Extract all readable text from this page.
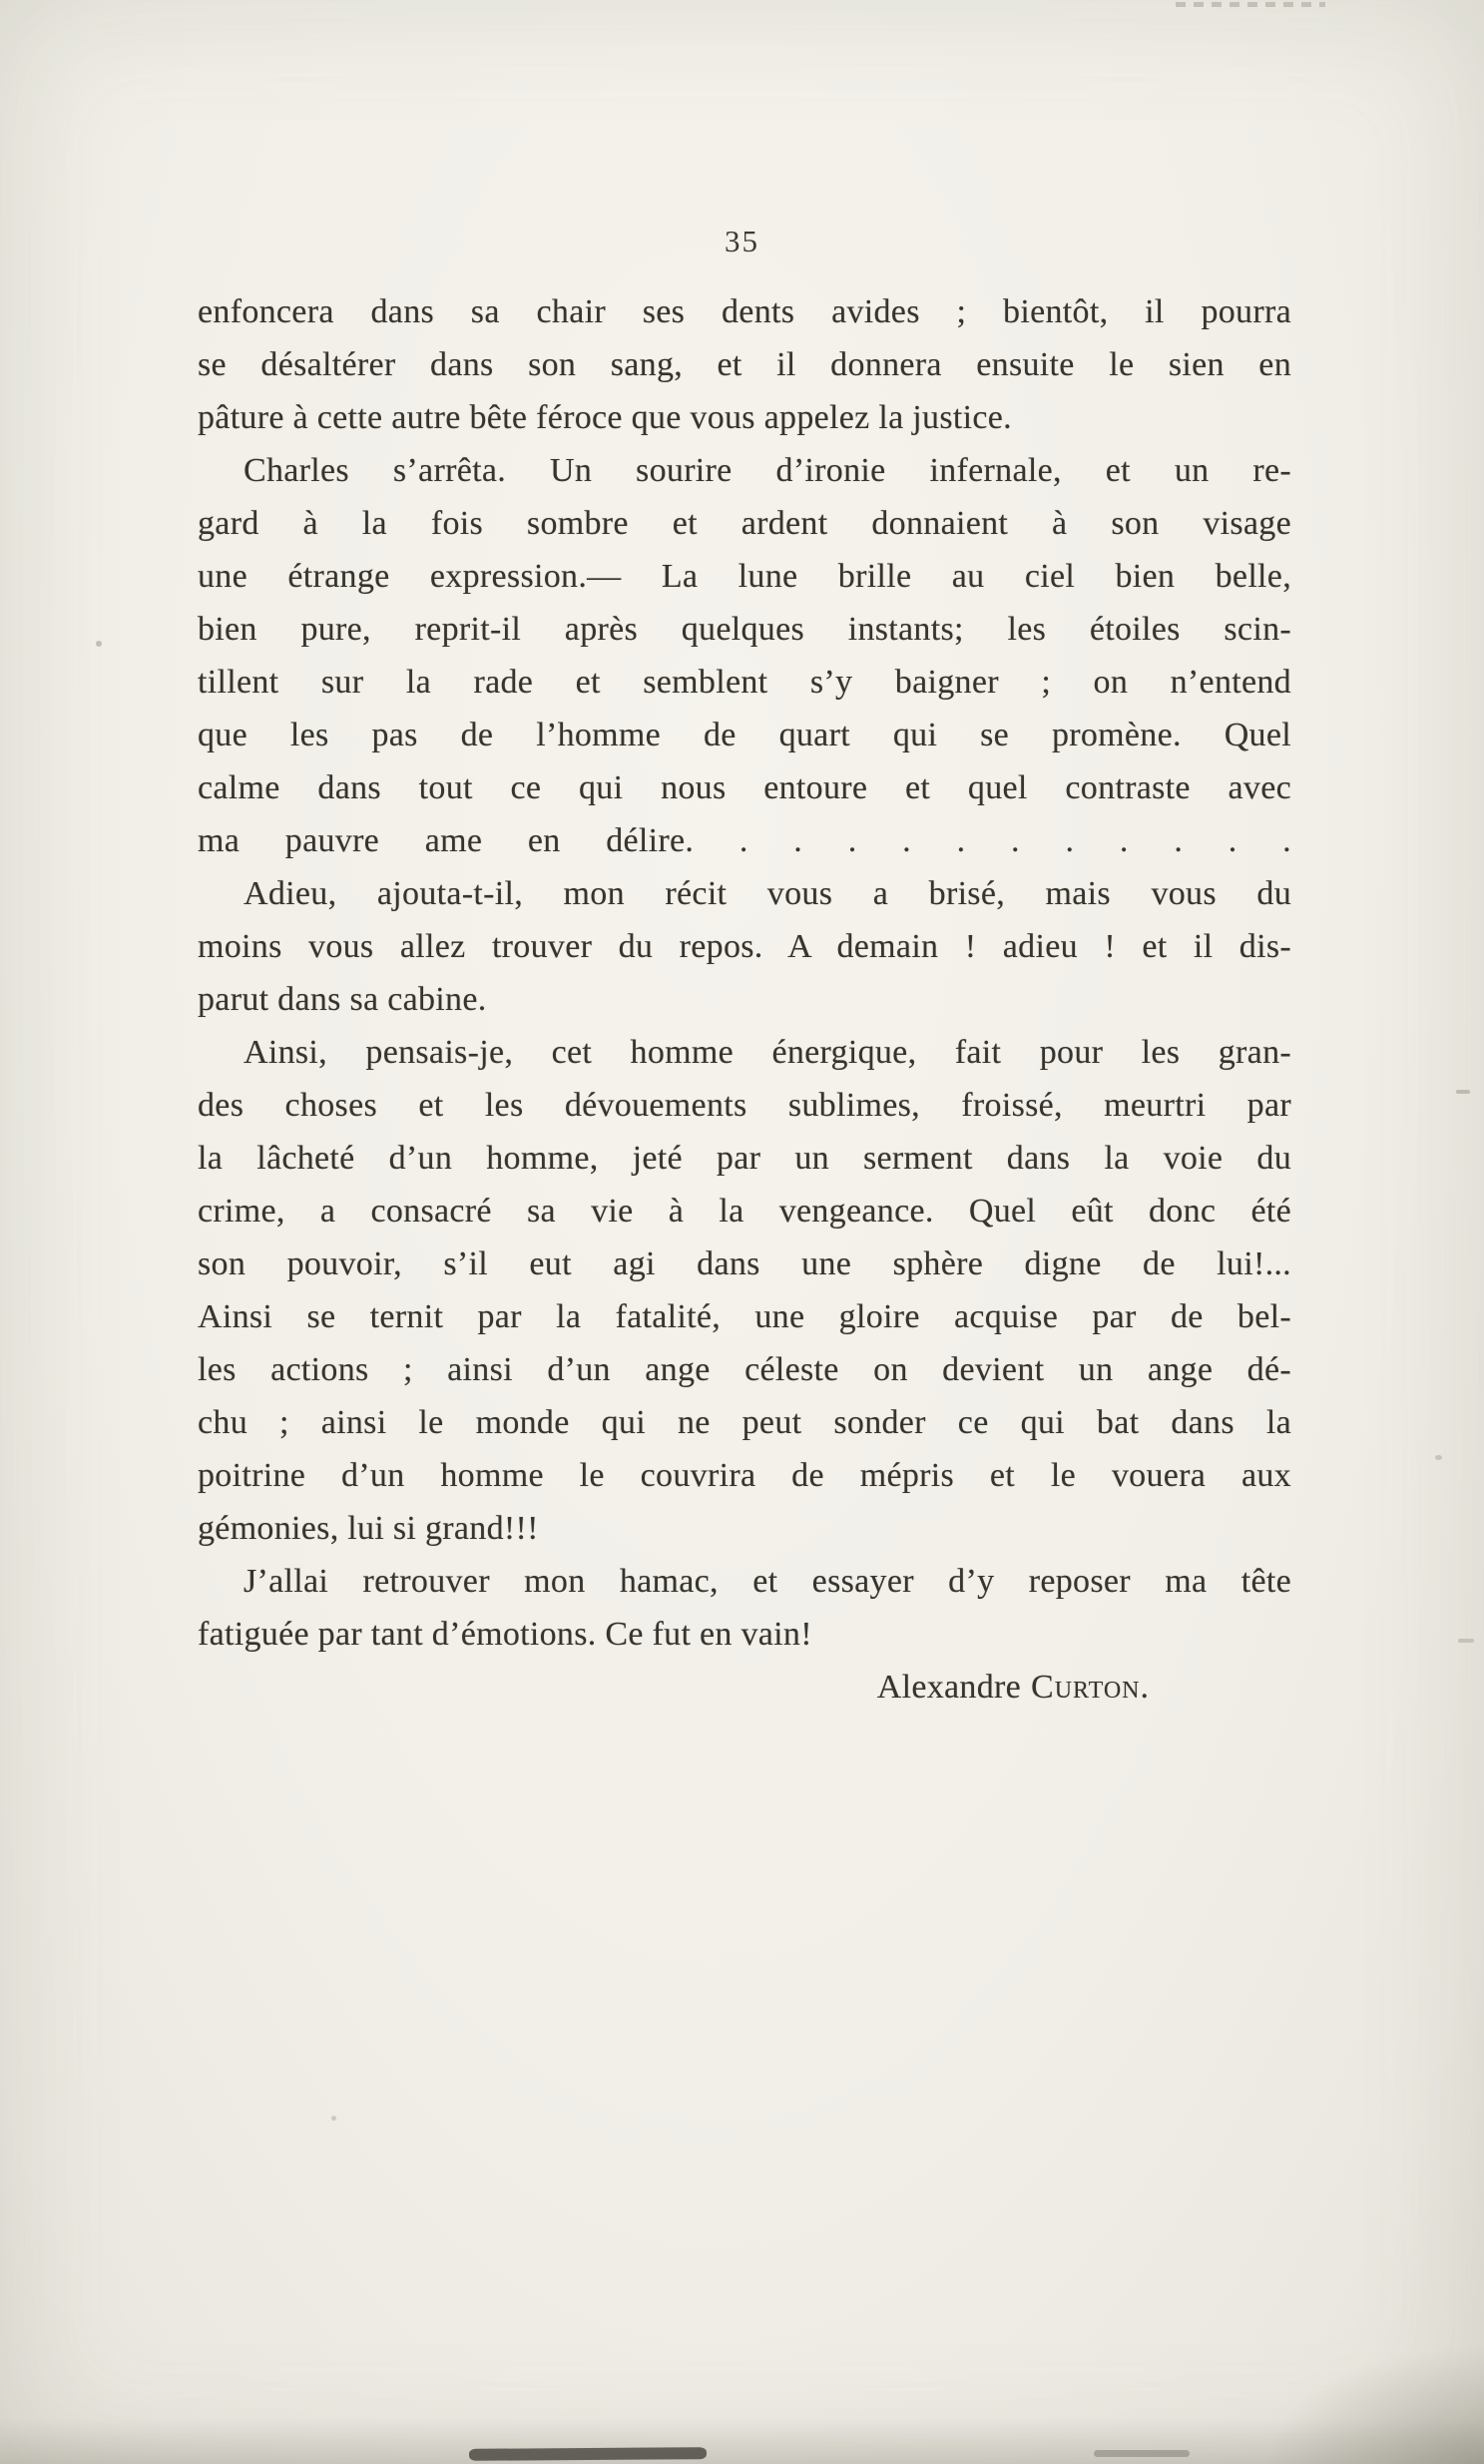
35
enfoncera dans sa chair ses dents avides ; bientôt, il pourra
se désaltérer dans son sang, et il donnera ensuite le sien en
pâture à cette autre bête féroce que vous appelez la justice.
Charles s’arrêta. Un sourire d’ironie infernale, et un re-
gard à la fois sombre et ardent donnaient à son visage
une étrange expression.— La lune brille au ciel bien belle,
bien pure, reprit-il après quelques instants; les étoiles scin-
tillent sur la rade et semblent s’y baigner ; on n’entend
que les pas de l’homme de quart qui se promène. Quel
calme dans tout ce qui nous entoure et quel contraste avec
ma pauvre ame en délire. . . . . . . . . . . .
Adieu, ajouta-t-il, mon récit vous a brisé, mais vous du
moins vous allez trouver du repos. A demain ! adieu ! et il dis-
parut dans sa cabine.
Ainsi, pensais-je, cet homme énergique, fait pour les gran-
des choses et les dévouements sublimes, froissé, meurtri par
la lâcheté d’un homme, jeté par un serment dans la voie du
crime, a consacré sa vie à la vengeance. Quel eût donc été
son pouvoir, s’il eut agi dans une sphère digne de lui!...
Ainsi se ternit par la fatalité, une gloire acquise par de bel-
les actions ; ainsi d’un ange céleste on devient un ange dé-
chu ; ainsi le monde qui ne peut sonder ce qui bat dans la
poitrine d’un homme le couvrira de mépris et le vouera aux
gémonies, lui si grand!!!
J’allai retrouver mon hamac, et essayer d’y reposer ma tête
fatiguée par tant d’émotions. Ce fut en vain!
Alexandre Curton.
